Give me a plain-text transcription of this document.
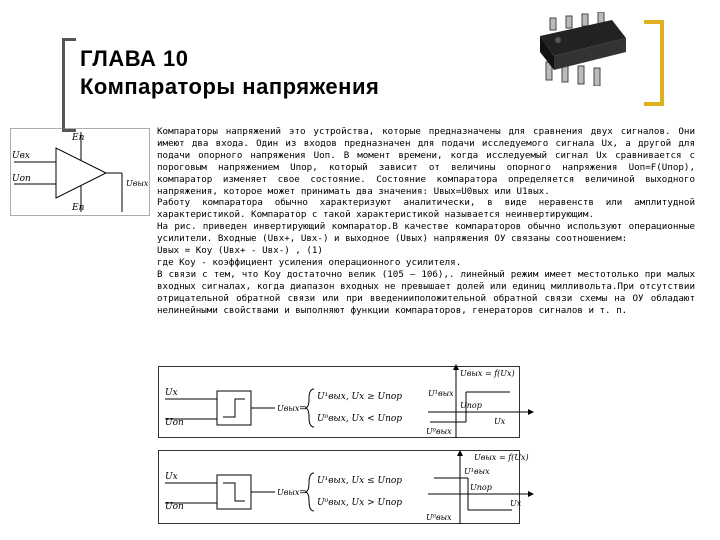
ГЛАВА 10
Компараторы напряжения
Eп
Uвх
Uоп	Uвых
Eп

Компараторы напряжений это устройства, которые предназначены для сравнения двух сигналов. Они имеют два входа. Один из входов предназначен для подачи исследуемого сигнала Ux, а другой для подачи опорного напряжения Uoп. В момент времени, когда исследуемый сигнал Ux сравнивается с пороговым напряжением Uпор, который зависит от величины опорного напряжения Uоп=F(Uпор), компаратор изменяет свое состояние. Состояние компаратора определяется величиной выходного напряжения, которое может принимать два значения: Uвых=U0вых или U1вых.

Работу компаратора обычно характеризуют аналитически, в виде неравенств или амплитудной характеристикой. Компаратор с такой характеристикой называется неинвертирующим.

На рис. приведен инвертирующий компаратор.В качестве компараторов обычно используют операционные усилители. Входные (Uвх+, Uвх-) и выходное (Uвых) напряжения ОУ связаны соотношением:

Uвых = Kоу (Uвх+ - Uвх-) , (1)

где Kоу - коэффициент усиления операционного усилителя.

В связи с тем, что Kоу достаточно велик (105 — 106),. линейный режим имеет местотолько при малых входных сигналах, когда диапазон входных не превышает долей или единиц милливольта.При отсутствии отрицательной обратной связи или при введенииположительной обратной связи схемы на ОУ обладают нелинейными свойствами и выполняют функции компараторов, генераторов сигналов и т. п.

Ux
Uоп
Uвых =
U¹вых, Ux ≥ Uпор
U⁰вых, Ux < Uпор
Uвых = f(Ux)
U¹вых
U⁰вых
Uпор
Ux
Ux
Uоп
Uвых =
U¹вых, Ux ≤ Uпор
U⁰вых, Ux > Uпор
Uвых = f(Ux)
U¹вых
U⁰вых
Uпор
Ux
